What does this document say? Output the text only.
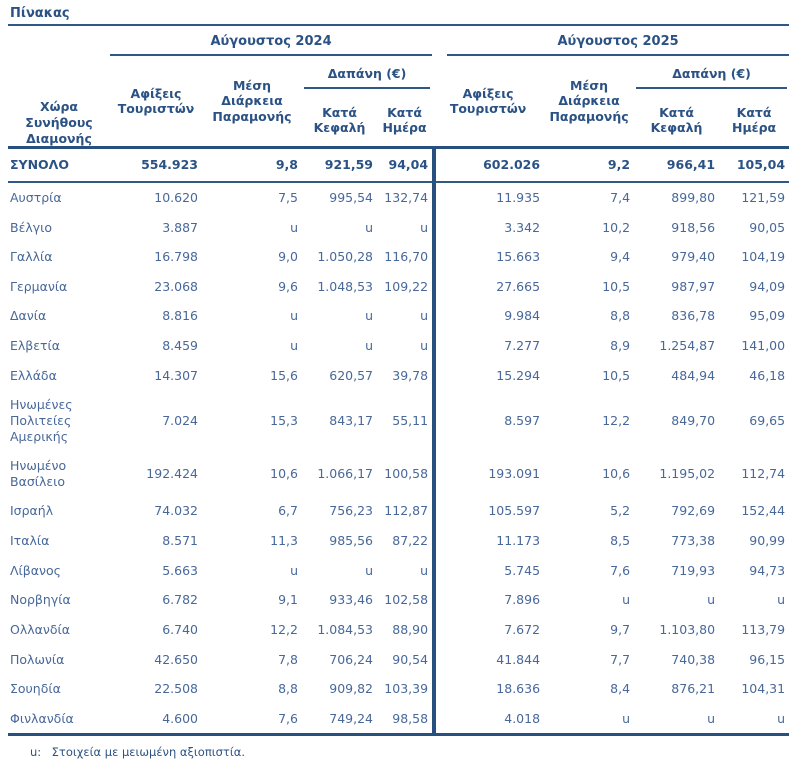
Πίνακας
Χώρα Συνήθους Διαμονής	Αύγουστος 2024				Αύγουστος 2025			

	Αφίξεις Τουριστών	Μέση Διάρκεια Παραμονής	Δαπάνη (€)		Αφίξεις Τουριστών	Μέση Διάρκεια Παραμονής	Δαπάνη (€)	

			Κατά Κεφαλή	Κατά Ημέρα			Κατά Κεφαλή	Κατά Ημέρα
ΣΥΝΟΛΟ	554.923	9,8	921,59	94,04	602.026	9,2	966,41	105,04
Αυστρία	10.620	7,5	995,54	132,74	11.935	7,4	899,80	121,59
Βέλγιο	3.887	u	u	u	3.342	10,2	918,56	90,05
Γαλλία	16.798	9,0	1.050,28	116,70	15.663	9,4	979,40	104,19
Γερμανία	23.068	9,6	1.048,53	109,22	27.665	10,5	987,97	94,09
Δανία	8.816	u	u	u	9.984	8,8	836,78	95,09
Ελβετία	8.459	u	u	u	7.277	8,9	1.254,87	141,00
Ελλάδα	14.307	15,6	620,57	39,78	15.294	10,5	484,94	46,18
Ηνωμένες Πολιτείες Αμερικής	7.024	15,3	843,17	55,11	8.597	12,2	849,70	69,65
Ηνωμένο Βασίλειο	192.424	10,6	1.066,17	100,58	193.091	10,6	1.195,02	112,74
Ισραήλ	74.032	6,7	756,23	112,87	105.597	5,2	792,69	152,44
Ιταλία	8.571	11,3	985,56	87,22	11.173	8,5	773,38	90,99
Λίβανος	5.663	u	u	u	5.745	7,6	719,93	94,73
Νορβηγία	6.782	9,1	933,46	102,58	7.896	u	u	u
Ολλανδία	6.740	12,2	1.084,53	88,90	7.672	9,7	1.103,80	113,79
Πολωνία	42.650	7,8	706,24	90,54	41.844	7,7	740,38	96,15
Σουηδία	22.508	8,8	909,82	103,39	18.636	8,4	876,21	104,31
Φινλανδία	4.600	7,6	749,24	98,58	4.018	u	u	u
u: Στοιχεία με μειωμένη αξιοπιστία.
